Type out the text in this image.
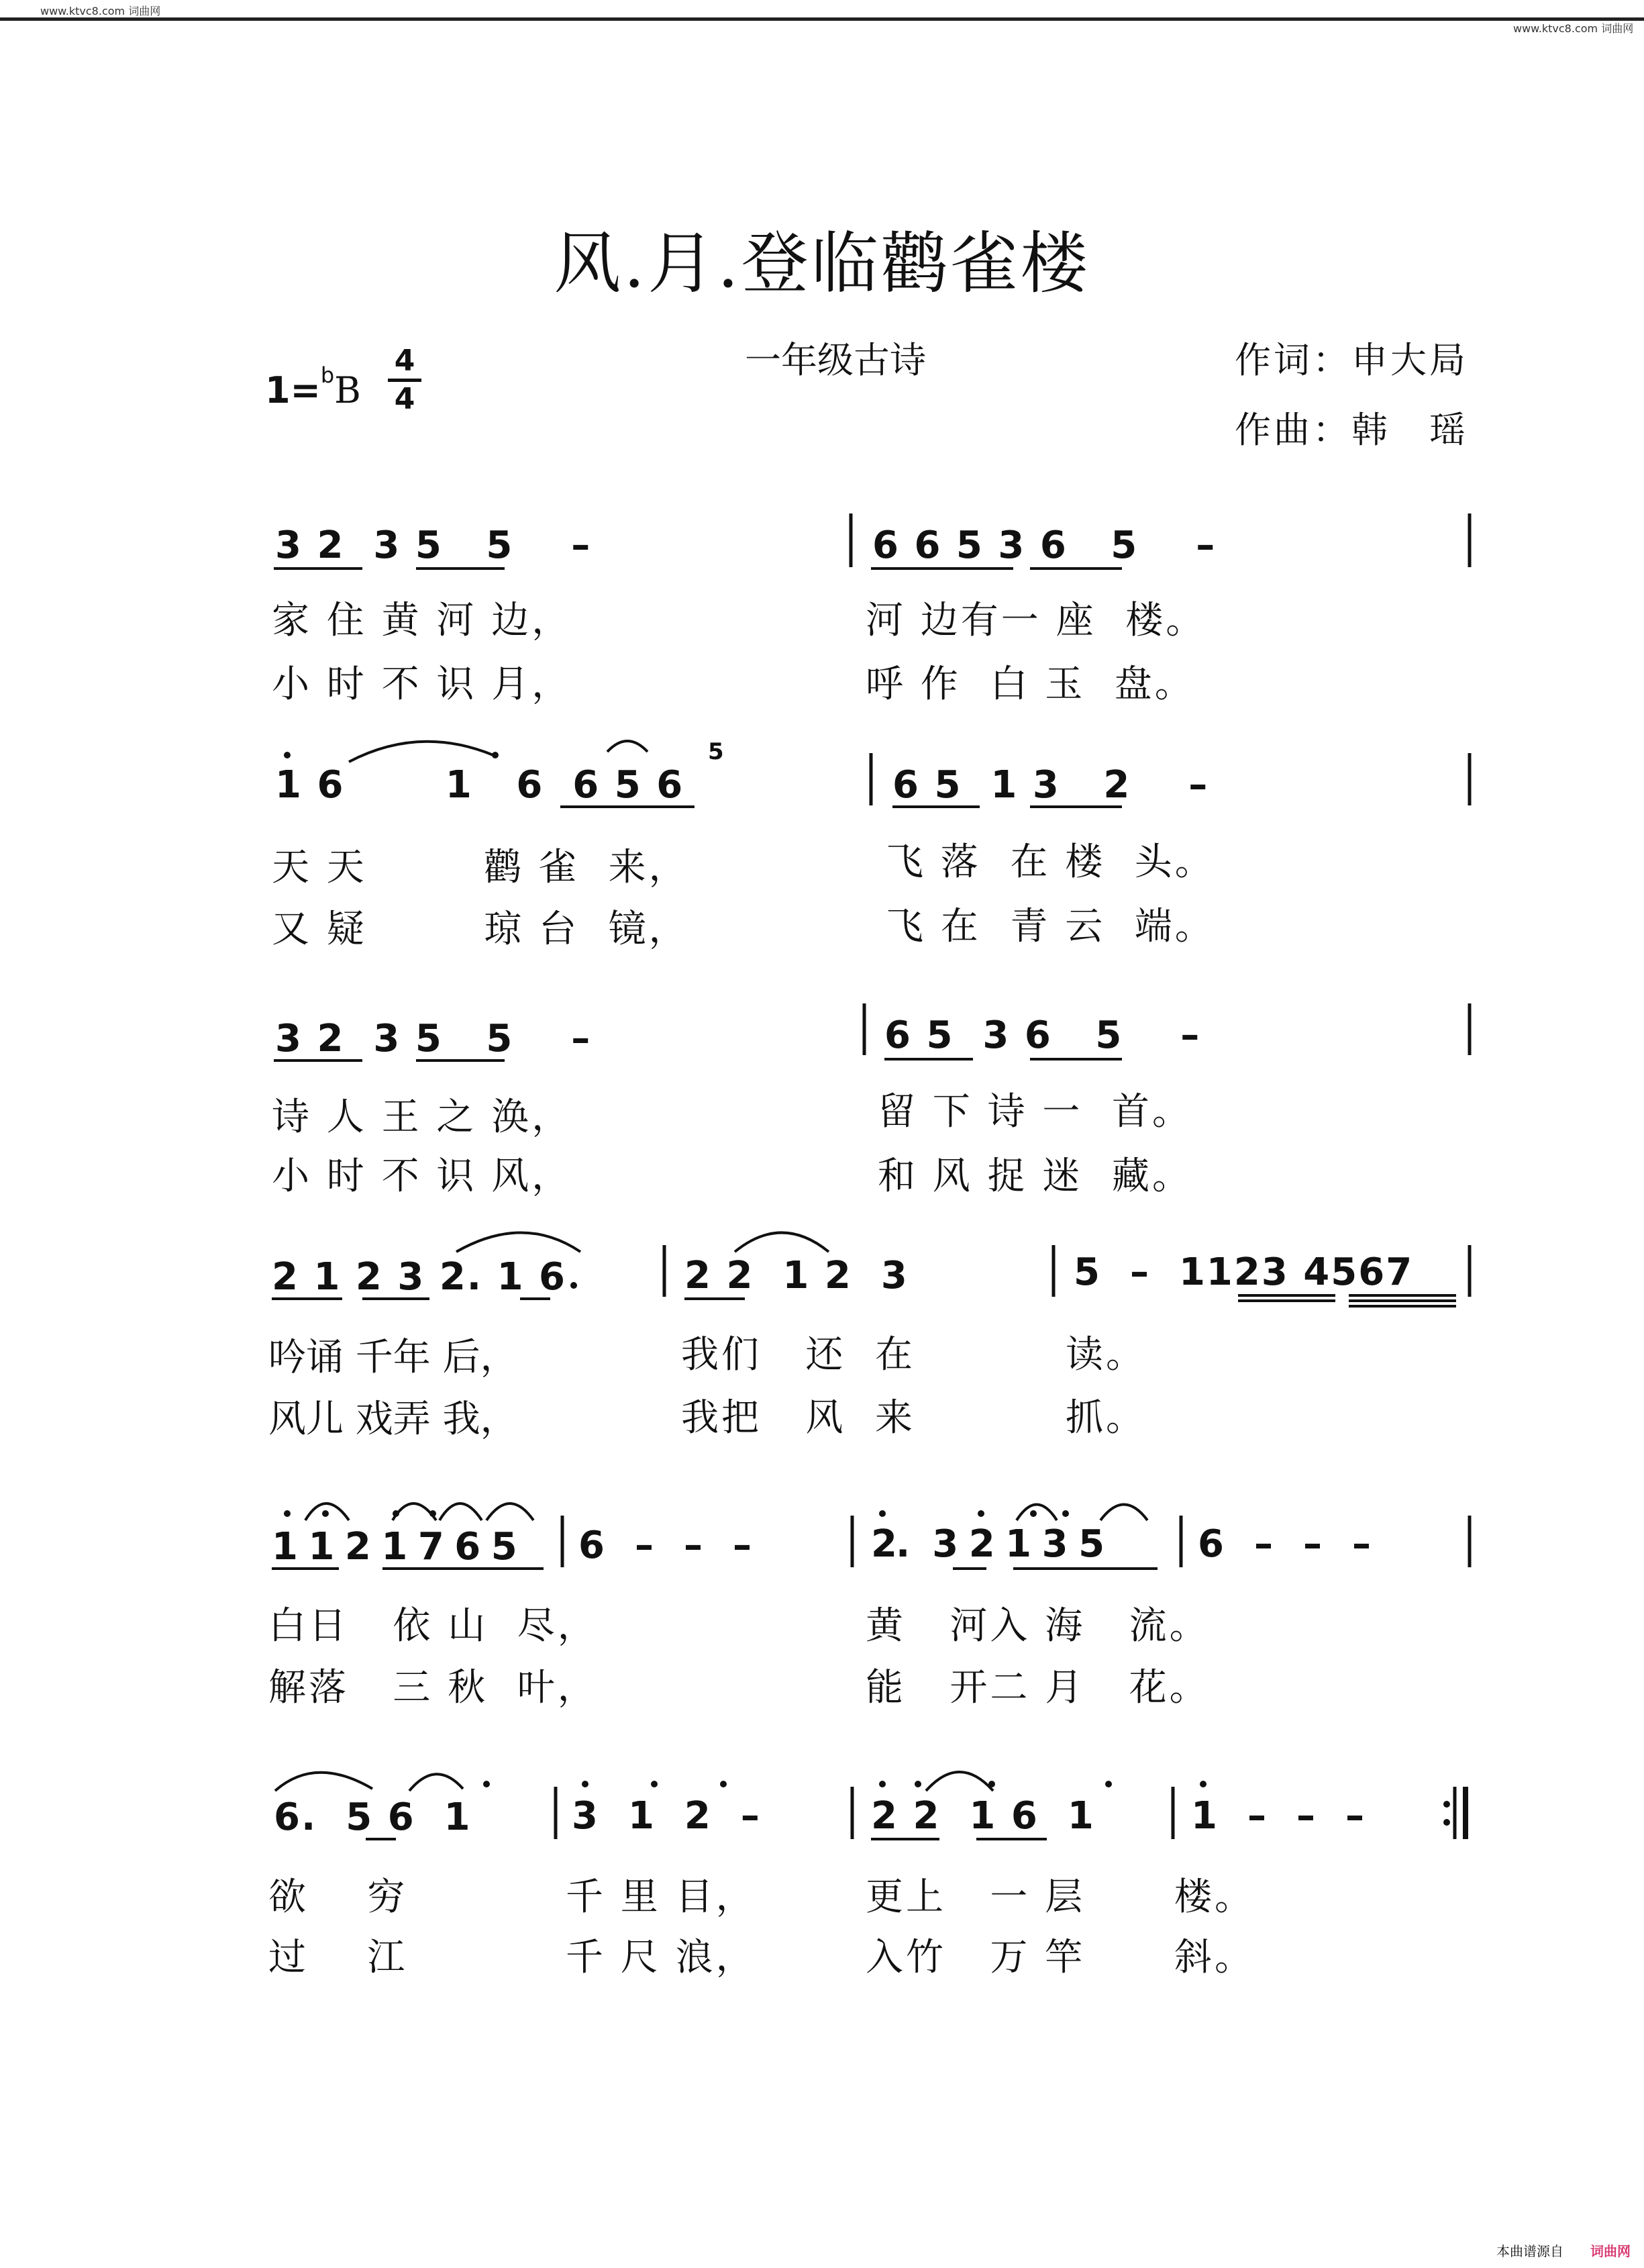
www.ktvc8.com 词曲网
www.ktvc8.com 词曲网
风.月.登临鹳雀楼
一年级古诗	作词：申大局
作曲：韩　瑶
1=$^b$B
4
4
3 2  3 5   5    –	6 6 5 3 6   5    –
家 住 黄 河 边，	河 边有一 座  楼。
小 时 不 识 月，	呼 作  白 玉  盘。
1 6       1   6  6 5 6
5
6 5  1 3   2    –
天 天        鹳 雀  来，	飞 落  在 楼  头。
又 疑        琼 台  镜，	飞 在  青 云  端。
3 2  3 5   5    –	6 5  3 6   5    –
诗 人 王 之 涣，	留 下 诗 一  首。
小 时 不 识 风，	和 风 捉 迷  藏。
2 1 2 3 2. 1 6	2 2  1 2  3	5  –  1123 4567
吟诵 千年 后，	我们   还  在	读。
风儿 戏弄 我，	我把   风  来	抓。
1 1 2 1 7 6 5 6  –  –  –	2.  3 2 1 3 5	6  –  –  –
白日   依 山  尽，	黄   河入 海   流。
解落   三 秋  叶，	能   开二 月   花。
6.  5 6  1	3  1  2  –	2 2  1 6  1	1  –  –  –
欲    穷	千 里 目，	更上   一 层 楼。
过    江	千 尺 浪，	入竹   万 竿 斜。
本曲谱源自 词曲网
